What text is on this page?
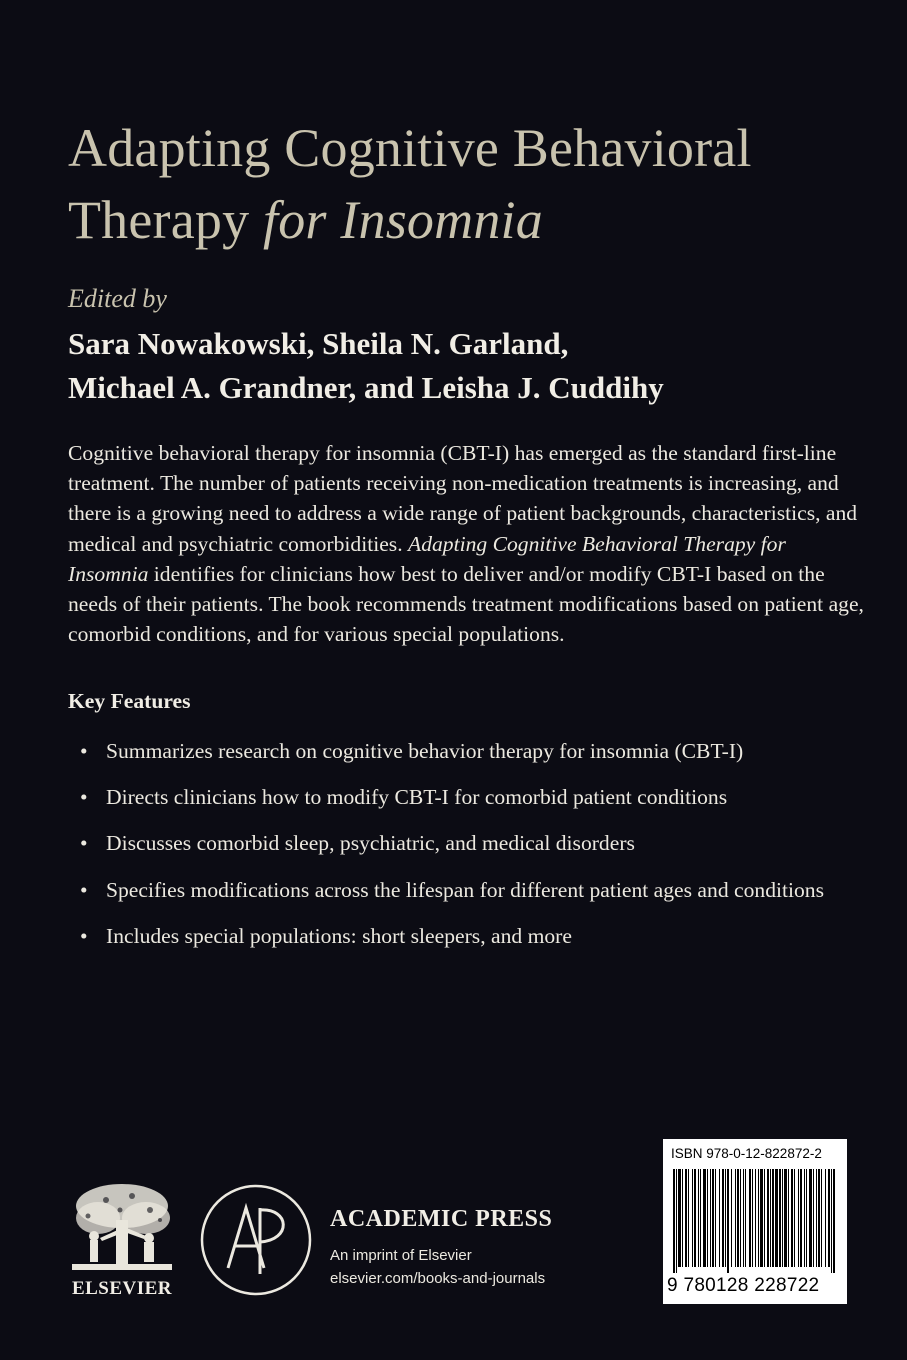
Adapting Cognitive Behavioral
Therapy for Insomnia
Edited by
Sara Nowakowski, Sheila N. Garland,
Michael A. Grandner, and Leisha J. Cuddihy

Cognitive behavioral therapy for insomnia (CBT-I) has emerged as the standard first-line treatment. The number of patients receiving non-medication treatments is increasing, and there is a growing need to address a wide range of patient backgrounds, characteristics, and medical and psychiatric comorbidities. Adapting Cognitive Behavioral Therapy for Insomnia identifies for clinicians how best to deliver and/or modify CBT-I based on the needs of their patients. The book recommends treatment modifications based on patient age, comorbid conditions, and for various special populations.

Key Features
• Summarizes research on cognitive behavior therapy for insomnia (CBT-I)
• Directs clinicians how to modify CBT-I for comorbid patient conditions
• Discusses comorbid sleep, psychiatric, and medical disorders
• Specifies modifications across the lifespan for different patient ages and conditions
• Includes special populations: short sleepers, and more
ELSEVIER
ACADEMIC PRESS
An imprint of Elsevier
elsevier.com/books-and-journals
ISBN 978-0-12-822872-2
9 780128 228722
